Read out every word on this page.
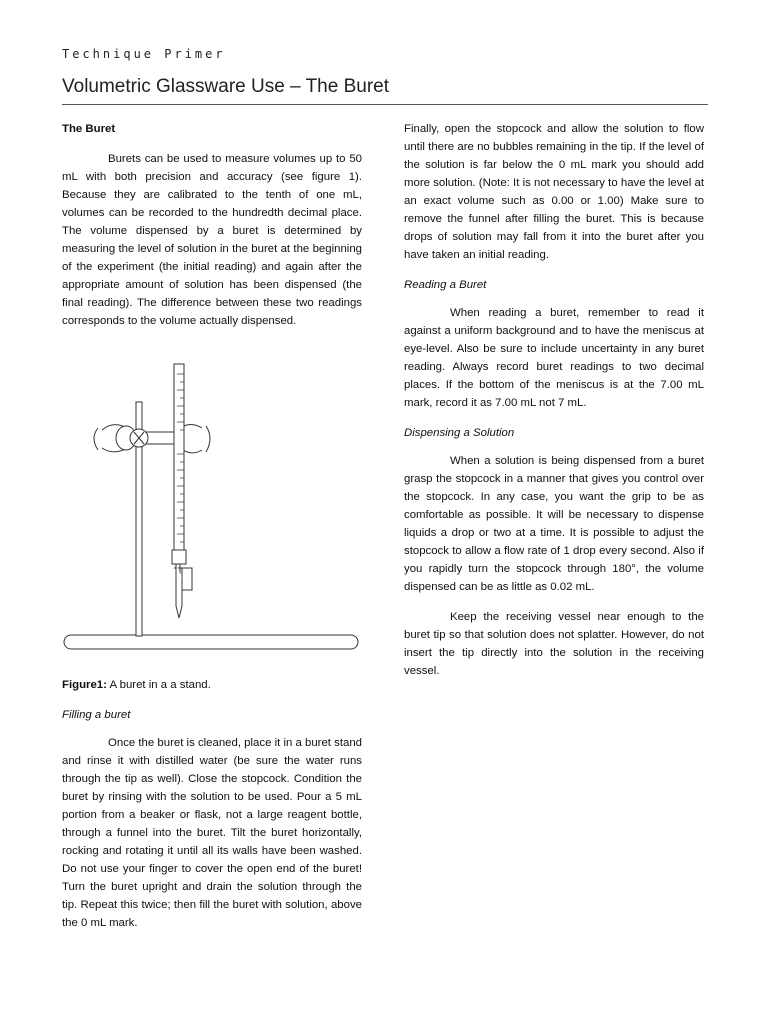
Technique Primer
Volumetric Glassware Use – The Buret
The Buret

Burets can be used to measure volumes up to 50 mL with both precision and accuracy (see figure 1). Because they are calibrated to the tenth of one mL, volumes can be recorded to the hundredth decimal place. The volume dispensed by a buret is determined by measuring the level of solution in the buret at the beginning of the experiment (the initial reading) and again after the appropriate amount of solution has been dispensed (the final reading). The difference between these two readings corresponds to the volume actually dispensed.

Figure1: A buret in a a stand.

Filling a buret

Once the buret is cleaned, place it in a buret stand and rinse it with distilled water (be sure the water runs through the tip as well). Close the stopcock. Condition the buret by rinsing with the solution to be used. Pour a 5 mL portion from a beaker or flask, not a large reagent bottle, through a funnel into the buret. Tilt the buret horizontally, rocking and rotating it until all its walls have been washed. Do not use your finger to cover the open end of the buret! Turn the buret upright and drain the solution through the tip. Repeat this twice; then fill the buret with solution, above the 0 mL mark.

Finally, open the stopcock and allow the solution to flow until there are no bubbles remaining in the tip. If the level of the solution is far below the 0 mL mark you should add more solution. (Note: It is not necessary to have the level at an exact volume such as 0.00 or 1.00) Make sure to remove the funnel after filling the buret. This is because drops of solution may fall from it into the buret after you have taken an initial reading.

Reading a Buret

When reading a buret, remember to read it against a uniform background and to have the meniscus at eye-level. Also be sure to include uncertainty in any buret reading. Always record buret readings to two decimal places. If the bottom of the meniscus is at the 7.00 mL mark, record it as 7.00 mL not 7 mL.

Dispensing a Solution

When a solution is being dispensed from a buret grasp the stopcock in a manner that gives you control over the stopcock. In any case, you want the grip to be as comfortable as possible. It will be necessary to dispense liquids a drop or two at a time. It is possible to adjust the stopcock to allow a flow rate of 1 drop every second. Also if you rapidly turn the stopcock through 180°, the volume dispensed can be as little as 0.02 mL.

Keep the receiving vessel near enough to the buret tip so that solution does not splatter. However, do not insert the tip directly into the solution in the receiving vessel.
